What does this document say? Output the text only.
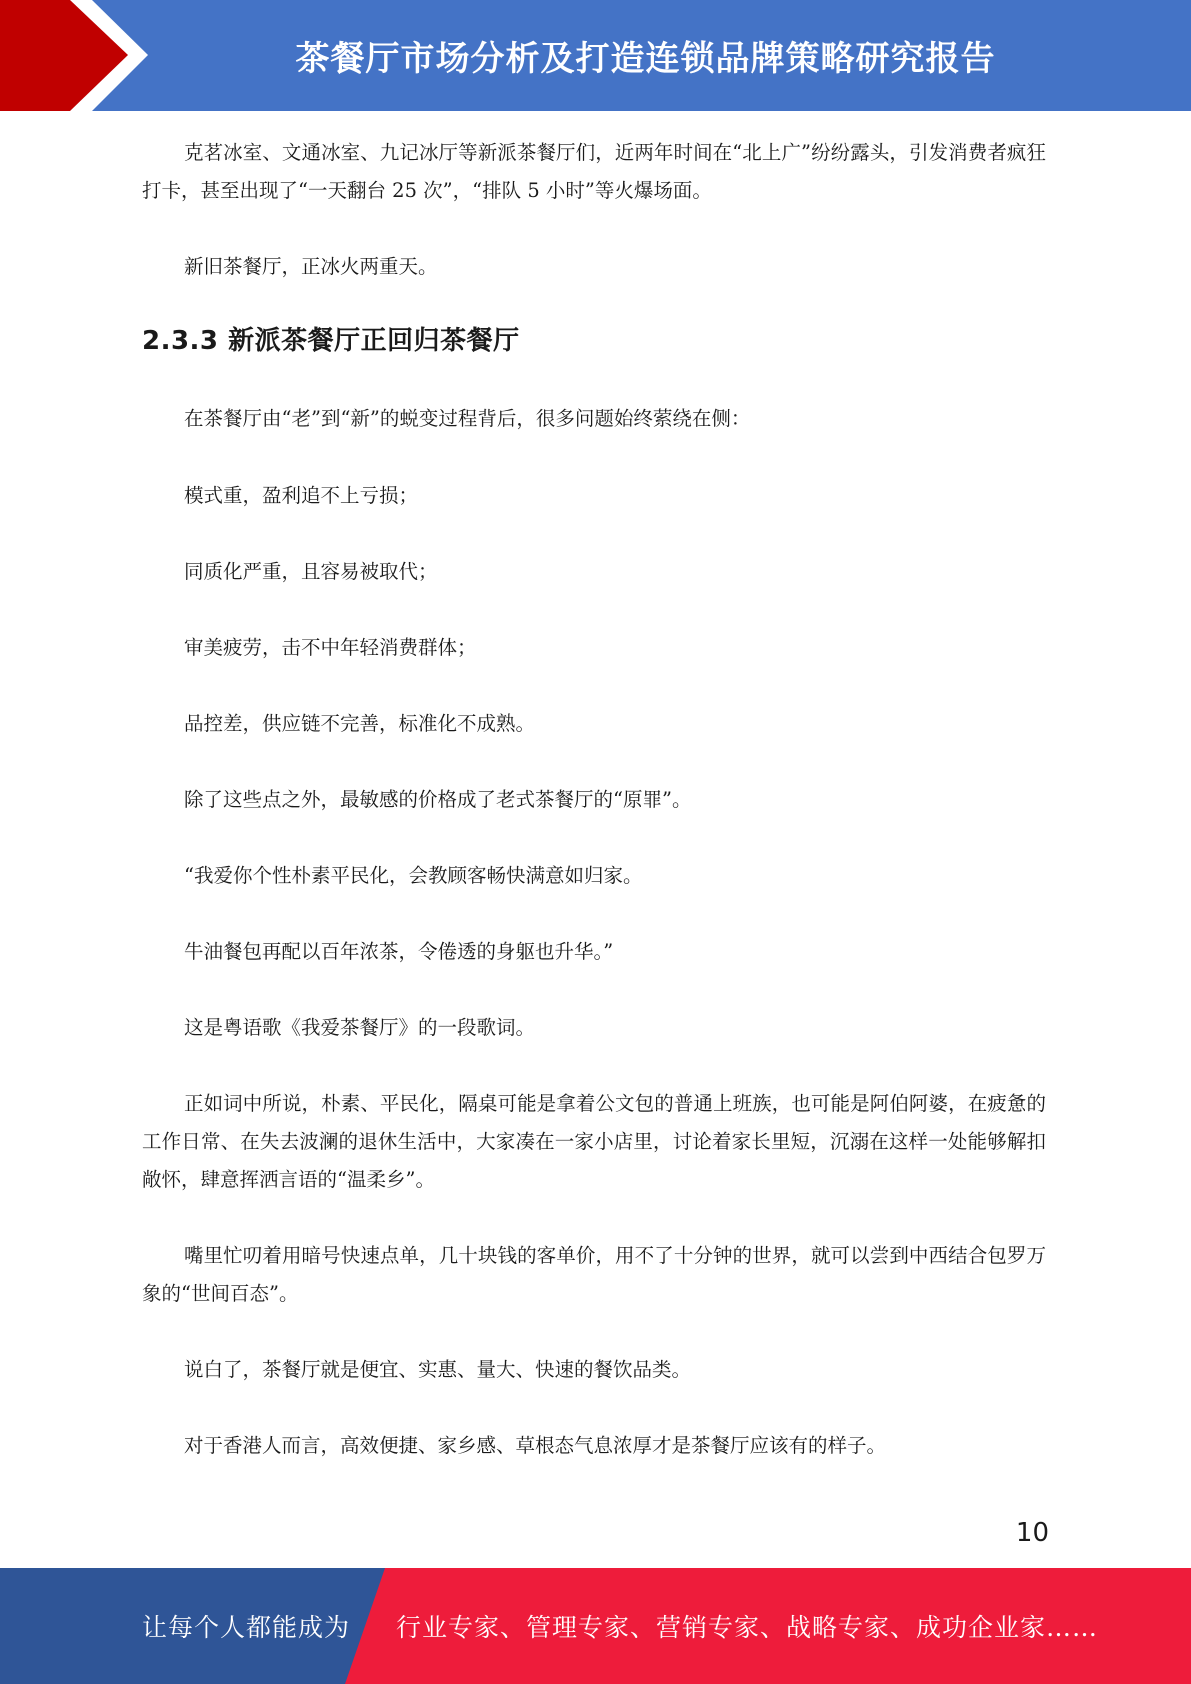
茶餐厅市场分析及打造连锁品牌策略研究报告

克茗冰室、文通冰室、九记冰厅等新派茶餐厅们，近两年时间在“北上广”纷纷露头，引发消费者疯狂打卡，甚至出现了“一天翻台 25 次”，“排队 5 小时”等火爆场面。

新旧茶餐厅，正冰火两重天。

2.3.3 新派茶餐厅正回归茶餐厅

在茶餐厅由“老”到“新”的蜕变过程背后，很多问题始终萦绕在侧：

模式重，盈利追不上亏损；

同质化严重，且容易被取代；

审美疲劳，击不中年轻消费群体；

品控差，供应链不完善，标准化不成熟。

除了这些点之外，最敏感的价格成了老式茶餐厅的“原罪”。

“我爱你个性朴素平民化，会教顾客畅快满意如归家。

牛油餐包再配以百年浓茶，令倦透的身躯也升华。”

这是粤语歌《我爱茶餐厅》的一段歌词。

正如词中所说，朴素、平民化，隔桌可能是拿着公文包的普通上班族，也可能是阿伯阿婆，在疲惫的工作日常、在失去波澜的退休生活中，大家凑在一家小店里，讨论着家长里短，沉溺在这样一处能够解扣敞怀，肆意挥洒言语的“温柔乡”。

嘴里忙叨着用暗号快速点单，几十块钱的客单价，用不了十分钟的世界，就可以尝到中西结合包罗万象的“世间百态”。

说白了，茶餐厅就是便宜、实惠、量大、快速的餐饮品类。

对于香港人而言，高效便捷、家乡感、草根态气息浓厚才是茶餐厅应该有的样子。

10
让每个人都能成为 行业专家、管理专家、营销专家、战略专家、成功企业家……
